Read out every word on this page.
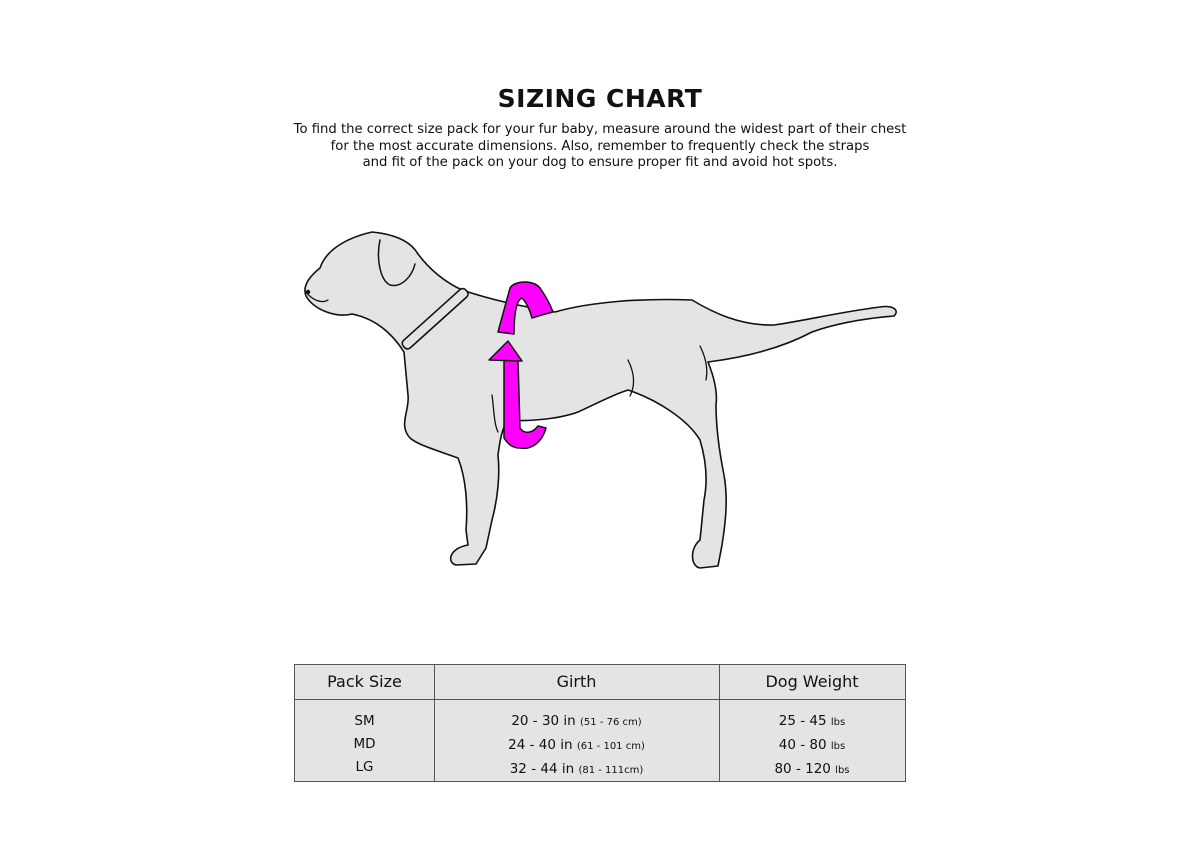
SIZING CHART
To find the correct size pack for your fur baby, measure around the widest part of their chest
for the most accurate dimensions. Also, remember to frequently check the straps
and fit of the pack on your dog to ensure proper fit and avoid hot spots.
Pack Size	Girth	Dog Weight
SM
MD
LG
20 - 30 in (51 - 76 cm)
24 - 40 in (61 - 101 cm)
32 - 44 in (81 - 111cm)
25 - 45 lbs
40 - 80 lbs
80 - 120 lbs
